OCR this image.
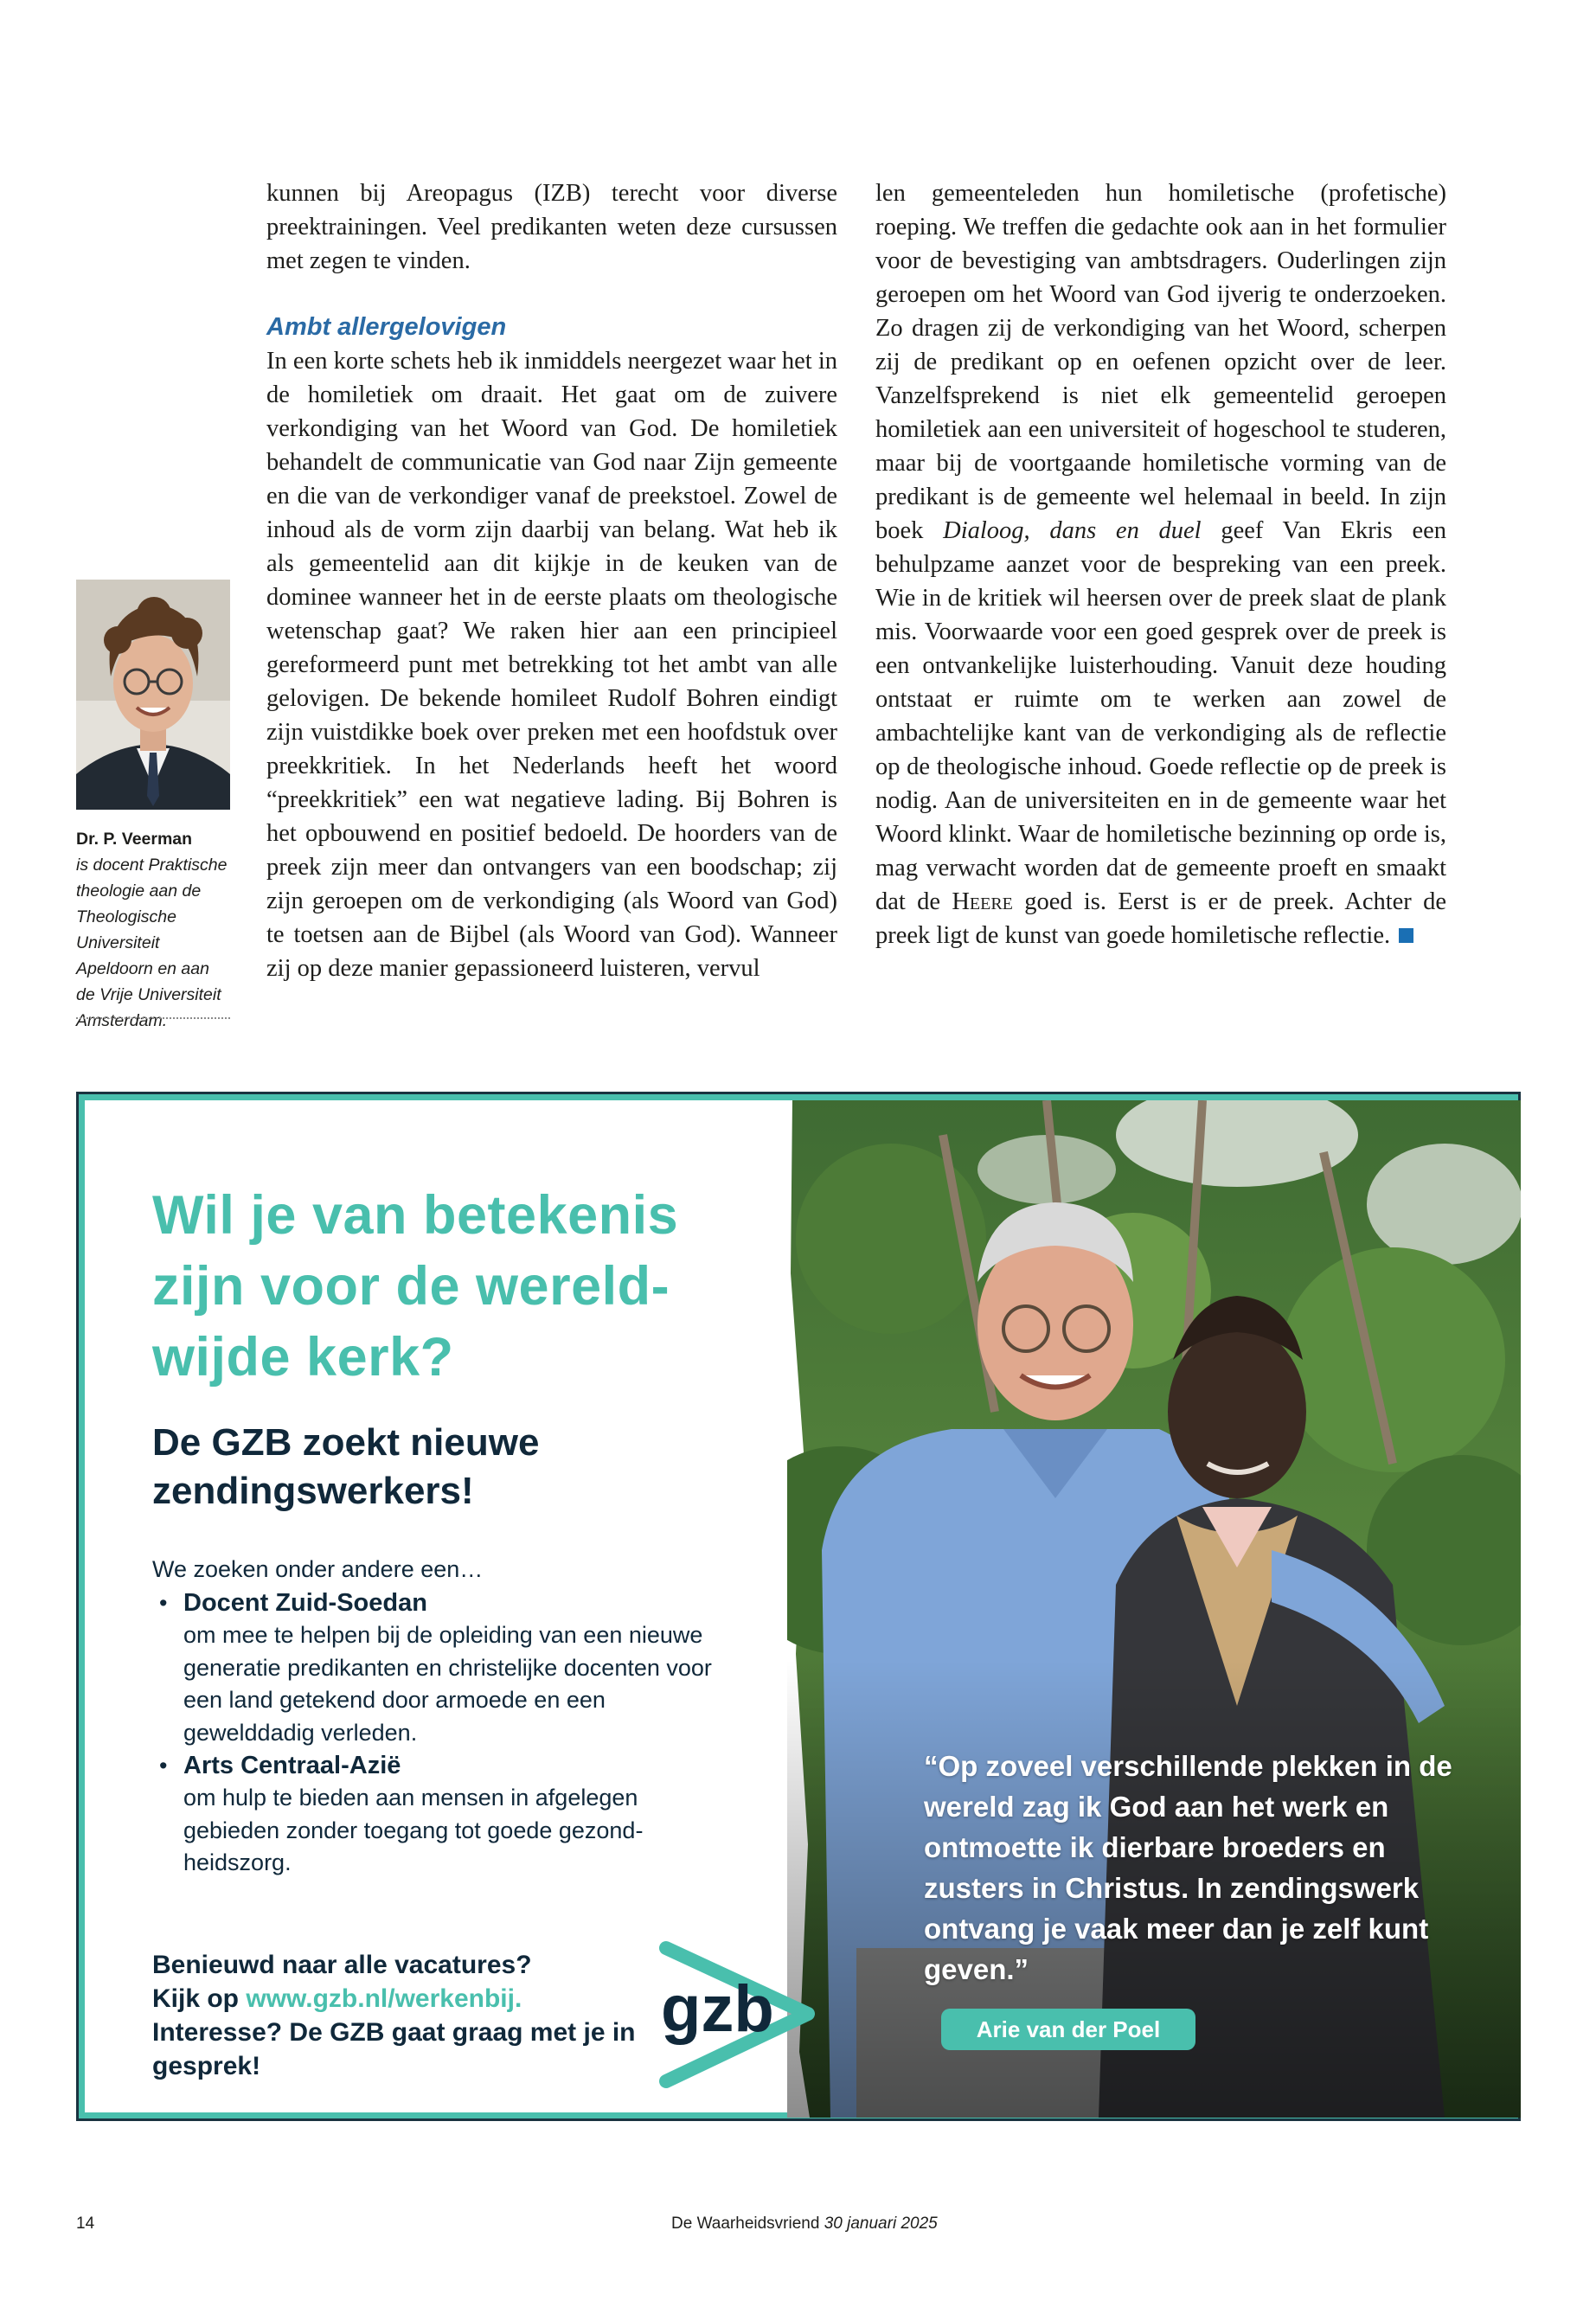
kunnen bij Areopagus (IZB) terecht voor diverse preektrainingen. Veel predikanten weten deze cursussen met zegen te vinden.

Ambt allergelovigen

In een korte schets heb ik inmiddels neergezet waar het in de homiletiek om draait. Het gaat om de zuivere verkondiging van het Woord van God. De homiletiek behandelt de communicatie van God naar Zijn gemeente en die van de verkondiger vanaf de preekstoel. Zowel de inhoud als de vorm zijn daarbij van belang. Wat heb ik als gemeentelid aan dit kijkje in de keuken van de dominee wanneer het in de eerste plaats om theologische wetenschap gaat? We raken hier aan een principieel gereformeerd punt met betrekking tot het ambt van alle gelovigen. De bekende homileet Rudolf Bohren eindigt zijn vuistdikke boek over preken met een hoofdstuk over preekkritiek. In het Nederlands heeft het woord “preekkritiek” een wat negatieve lading. Bij Bohren is het opbouwend en positief bedoeld. De hoorders van de preek zijn meer dan ontvangers van een boodschap; zij zijn geroepen om de verkondiging (als Woord van God) te toetsen aan de Bijbel (als Woord van God). Wanneer zij op deze manier gepassioneerd luisteren, vervul

len gemeenteleden hun homiletische (profetische) roeping. We treffen die gedachte ook aan in het formulier voor de bevestiging van ambtsdragers. Ouderlingen zijn geroepen om het Woord van God ijverig te onderzoeken. Zo dragen zij de verkondiging van het Woord, scherpen zij de predikant op en oefenen opzicht over de leer. Vanzelfsprekend is niet elk gemeentelid geroepen homiletiek aan een universiteit of hogeschool te studeren, maar bij de voortgaande homiletische vorming van de predikant is de gemeente wel helemaal in beeld. In zijn boek Dialoog, dans en duel geef Van Ekris een behulpzame aanzet voor de bespreking van een preek. Wie in de kritiek wil heersen over de preek slaat de plank mis. Voorwaarde voor een goed gesprek over de preek is een ontvankelijke luisterhouding. Vanuit deze houding ontstaat er ruimte om te werken aan zowel de ambachtelijke kant van de verkondiging als de reflectie op de theologische inhoud. Goede reflectie op de preek is nodig. Aan de universiteiten en in de gemeente waar het Woord klinkt. Waar de homiletische bezinning op orde is, mag verwacht worden dat de gemeente proeft en smaakt dat de Heere goed is. Eerst is er de preek. Achter de preek ligt de kunst van goede homiletische reflectie.

Dr. P. Veerman
is docent Praktische theologie aan de Theologische Universiteit Apeldoorn en aan de Vrije Universiteit Amsterdam.
Wil je van betekenis zijn voor de wereldwijde kerk?
De GZB zoekt nieuwe zendingswerkers!
We zoeken onder andere een…
• Docent Zuid-Soedan
om mee te helpen bij de opleiding van een nieuwe generatie predikanten en christelijke docenten voor een land getekend door armoede en een gewelddadig verleden.
• Arts Centraal-Azië
om hulp te bieden aan mensen in afgelegen gebieden zonder toegang tot goede gezondheidszorg.
Benieuwd naar alle vacatures?
Kijk op www.gzb.nl/werkenbij.
Interesse? De GZB gaat graag met je in gesprek!
gzb
“Op zoveel verschillende plekken in de wereld zag ik God aan het werk en ontmoette ik dierbare broeders en zusters in Christus. In zendingswerk ontvang je vaak meer dan je zelf kunt geven.”
Arie van der Poel
14	De Waarheidsvriend 30 januari 2025
